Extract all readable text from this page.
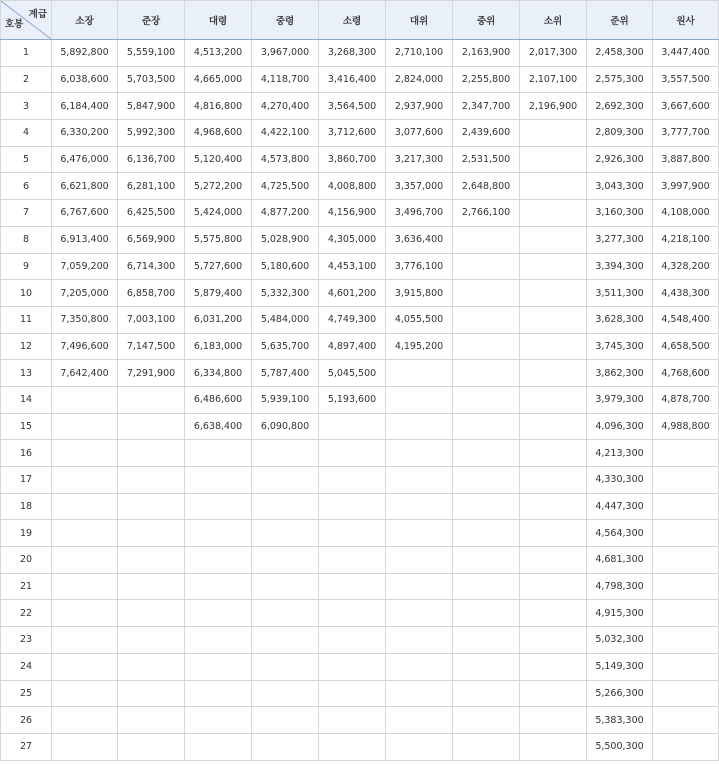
계급
호봉	소장	준장	대령	중령	소령	대위	중위	소위	준위	원사
1	5,892,800	5,559,100	4,513,200	3,967,000	3,268,300	2,710,100	2,163,900	2,017,300	2,458,300	3,447,400
2	6,038,600	5,703,500	4,665,000	4,118,700	3,416,400	2,824,000	2,255,800	2,107,100	2,575,300	3,557,500
3	6,184,400	5,847,900	4,816,800	4,270,400	3,564,500	2,937,900	2,347,700	2,196,900	2,692,300	3,667,600
4	6,330,200	5,992,300	4,968,600	4,422,100	3,712,600	3,077,600	2,439,600		2,809,300	3,777,700
5	6,476,000	6,136,700	5,120,400	4,573,800	3,860,700	3,217,300	2,531,500		2,926,300	3,887,800
6	6,621,800	6,281,100	5,272,200	4,725,500	4,008,800	3,357,000	2,648,800		3,043,300	3,997,900
7	6,767,600	6,425,500	5,424,000	4,877,200	4,156,900	3,496,700	2,766,100		3,160,300	4,108,000
8	6,913,400	6,569,900	5,575,800	5,028,900	4,305,000	3,636,400			3,277,300	4,218,100
9	7,059,200	6,714,300	5,727,600	5,180,600	4,453,100	3,776,100			3,394,300	4,328,200
10	7,205,000	6,858,700	5,879,400	5,332,300	4,601,200	3,915,800			3,511,300	4,438,300
11	7,350,800	7,003,100	6,031,200	5,484,000	4,749,300	4,055,500			3,628,300	4,548,400
12	7,496,600	7,147,500	6,183,000	5,635,700	4,897,400	4,195,200			3,745,300	4,658,500
13	7,642,400	7,291,900	6,334,800	5,787,400	5,045,500				3,862,300	4,768,600
14			6,486,600	5,939,100	5,193,600				3,979,300	4,878,700
15			6,638,400	6,090,800					4,096,300	4,988,800
16									4,213,300	
17									4,330,300	
18									4,447,300	
19									4,564,300	
20									4,681,300	
21									4,798,300	
22									4,915,300	
23									5,032,300	
24									5,149,300	
25									5,266,300	
26									5,383,300	
27									5,500,300	
